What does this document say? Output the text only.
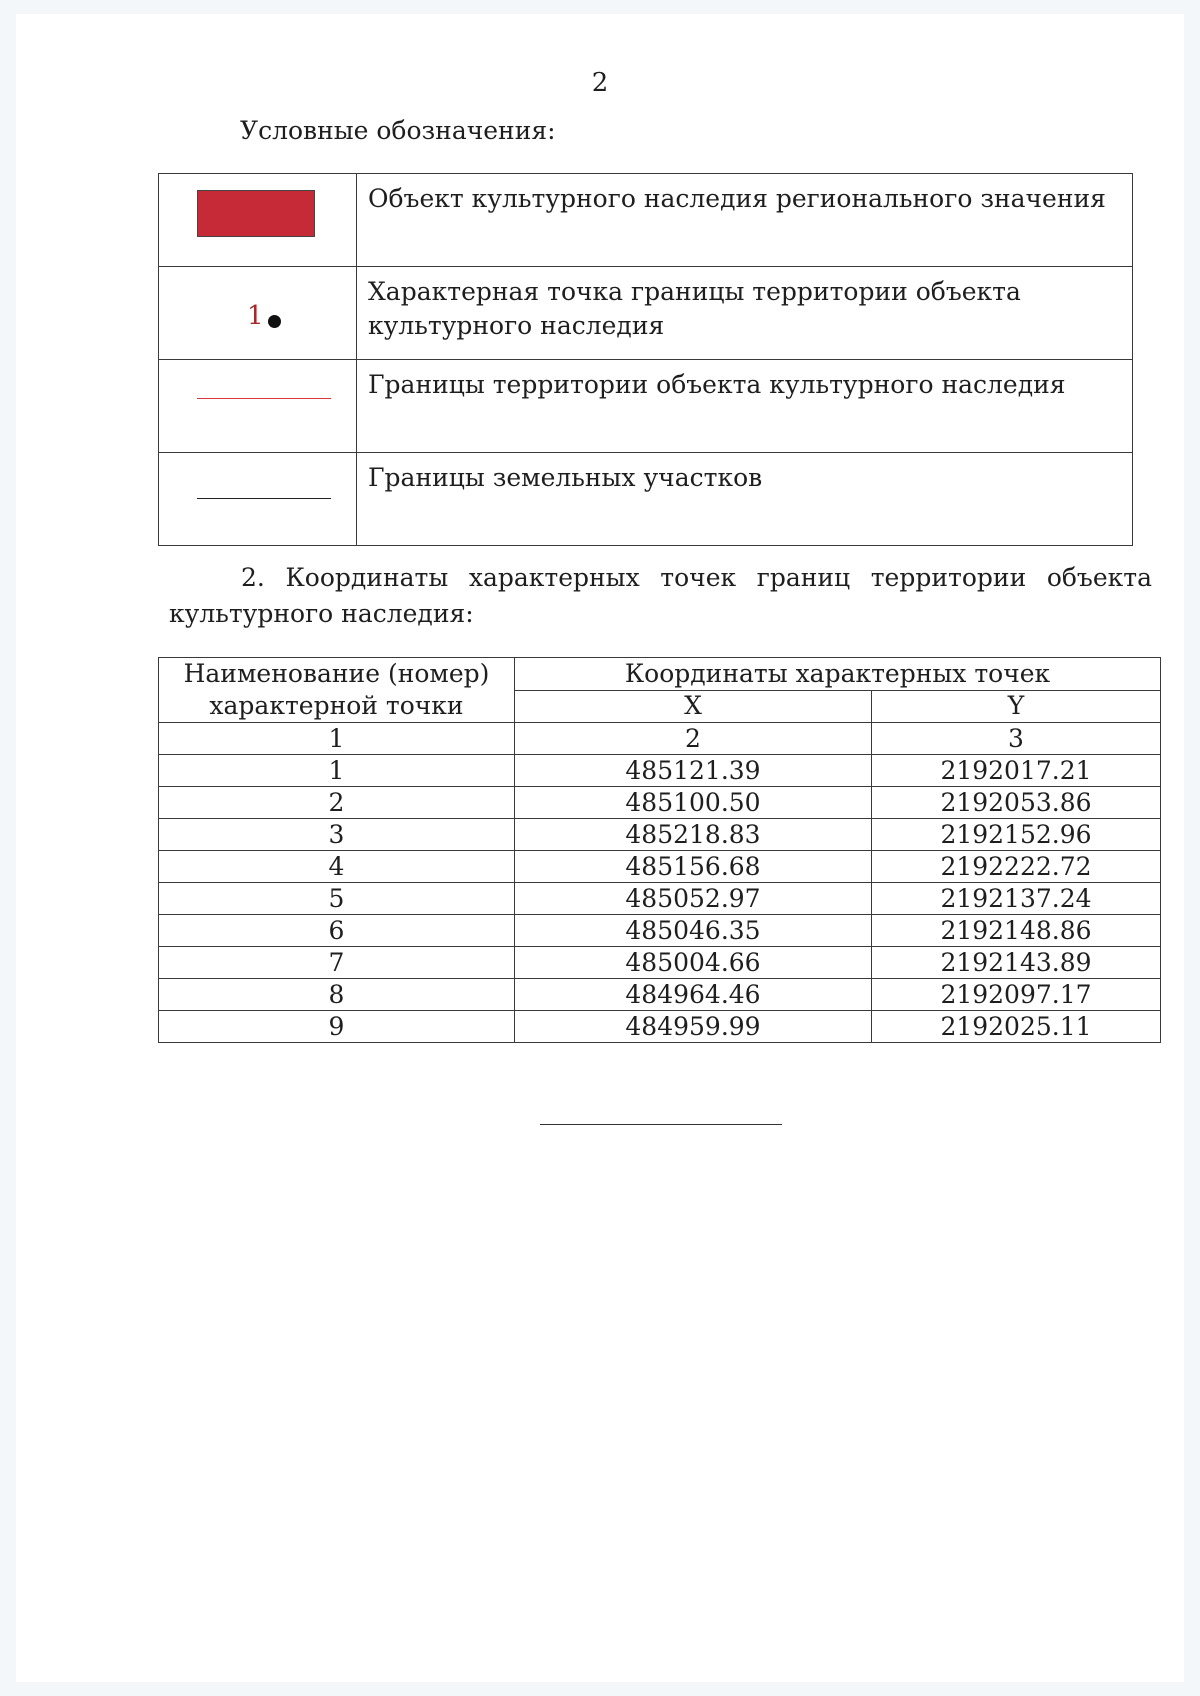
2
Условные обозначения:
	Объект культурного наследия регионального значения

1	Характерная точка границы территории объекта культурного наследия

	Границы территории объекта культурного наследия

	Границы земельных участков
2. Координаты характерных точек границ территории объекта культурного наследия:
Наименование (номер) характерной точки	Координаты характерных точек	
	X	Y
1	2	3
1	485121.39	2192017.21
2	485100.50	2192053.86
3	485218.83	2192152.96
4	485156.68	2192222.72
5	485052.97	2192137.24
6	485046.35	2192148.86
7	485004.66	2192143.89
8	484964.46	2192097.17
9	484959.99	2192025.11
